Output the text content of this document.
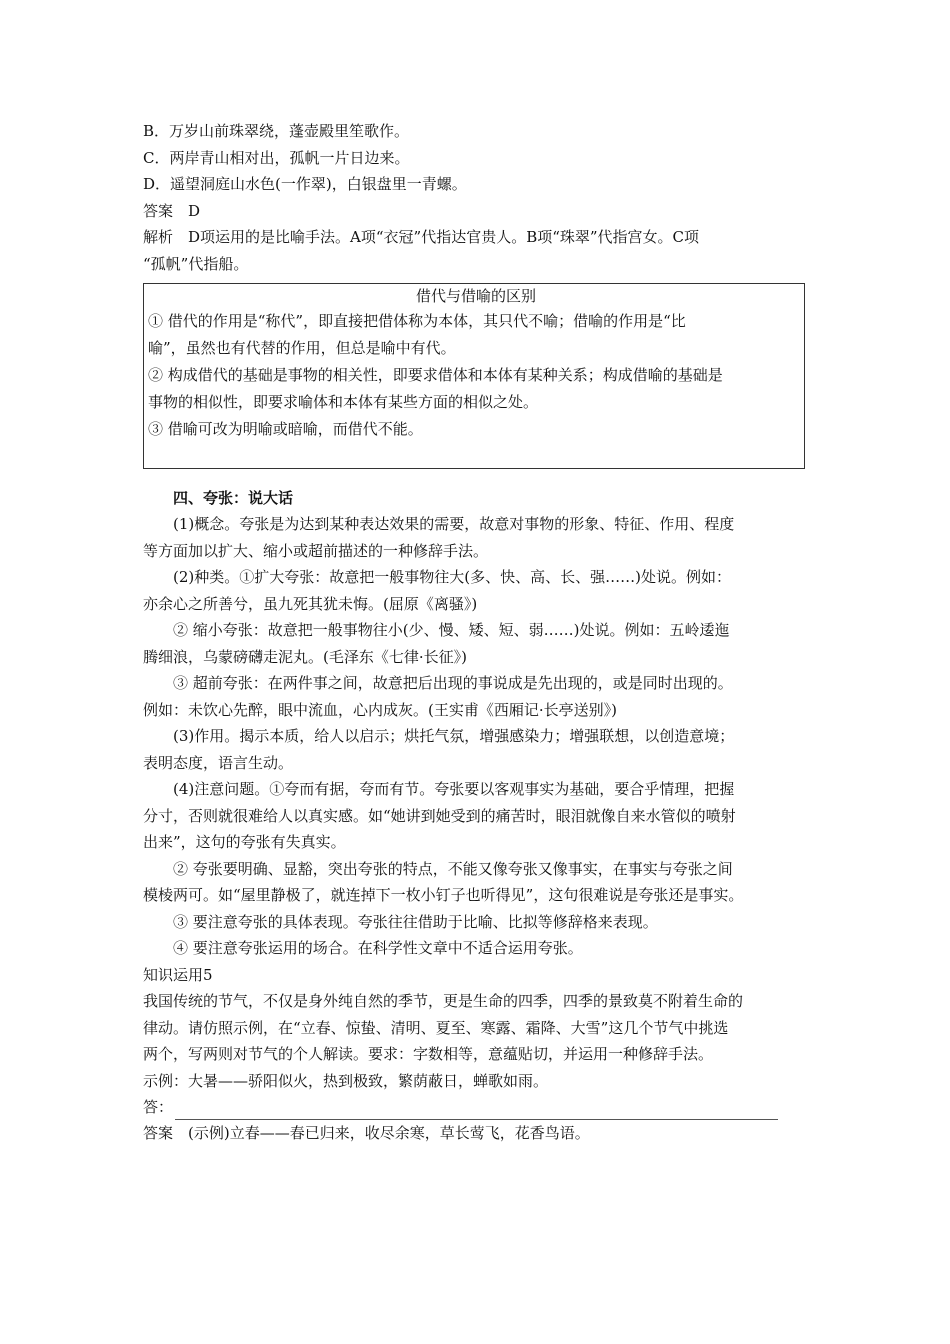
B．万岁山前珠翠绕，蓬壶殿里笙歌作。

C．两岸青山相对出，孤帆一片日边来。

D．遥望洞庭山水色(一作翠)，白银盘里一青螺。

答案　D

解析　D项运用的是比喻手法。A项“衣冠”代指达官贵人。B项“珠翠”代指宫女。C项

“孤帆”代指船。

借代与借喻的区别

① 借代的作用是“称代”，即直接把借体称为本体，其只代不喻；借喻的作用是“比

喻”，虽然也有代替的作用，但总是喻中有代。

② 构成借代的基础是事物的相关性，即要求借体和本体有某种关系；构成借喻的基础是

事物的相似性，即要求喻体和本体有某些方面的相似之处。

③ 借喻可改为明喻或暗喻，而借代不能。

四、夸张：说大话

(1)概念。夸张是为达到某种表达效果的需要，故意对事物的形象、特征、作用、程度

等方面加以扩大、缩小或超前描述的一种修辞手法。

(2)种类。①扩大夸张：故意把一般事物往大(多、快、高、长、强……)处说。例如：

亦余心之所善兮，虽九死其犹未悔。(屈原《离骚》)

② 缩小夸张：故意把一般事物往小(少、慢、矮、短、弱……)处说。例如：五岭逶迤

腾细浪，乌蒙磅礴走泥丸。(毛泽东《七律·长征》)

③ 超前夸张：在两件事之间，故意把后出现的事说成是先出现的，或是同时出现的。

例如：未饮心先醉，眼中流血，心内成灰。(王实甫《西厢记·长亭送别》)

(3)作用。揭示本质，给人以启示；烘托气氛，增强感染力；增强联想，以创造意境；

表明态度，语言生动。

(4)注意问题。①夸而有据，夸而有节。夸张要以客观事实为基础，要合乎情理，把握

分寸，否则就很难给人以真实感。如“她讲到她受到的痛苦时，眼泪就像自来水管似的喷射

出来”，这句的夸张有失真实。

② 夸张要明确、显豁，突出夸张的特点，不能又像夸张又像事实，在事实与夸张之间

模棱两可。如“屋里静极了，就连掉下一枚小钉子也听得见”，这句很难说是夸张还是事实。

③ 要注意夸张的具体表现。夸张往往借助于比喻、比拟等修辞格来表现。

④ 要注意夸张运用的场合。在科学性文章中不适合运用夸张。

知识运用5

我国传统的节气，不仅是身外纯自然的季节，更是生命的四季，四季的景致莫不附着生命的

律动。请仿照示例，在“立春、惊蛰、清明、夏至、寒露、霜降、大雪”这几个节气中挑选

两个，写两则对节气的个人解读。要求：字数相等，意蕴贴切，并运用一种修辞手法。

示例：大暑——骄阳似火，热到极致，繁荫蔽日，蝉歌如雨。

答：

答案　(示例)立春——春已归来，收尽余寒，草长莺飞，花香鸟语。
